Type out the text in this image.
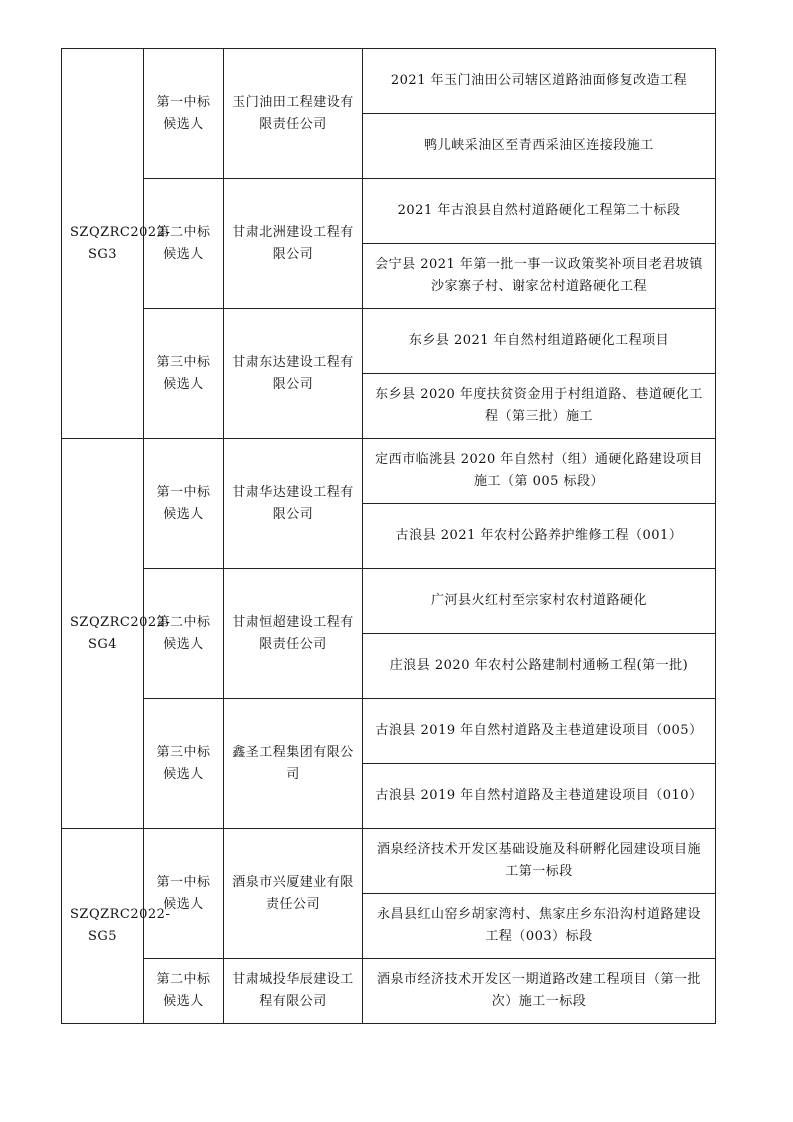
SZQZRC2022-SG3	第一中标候选人	玉门油田工程建设有限责任公司	2021 年玉门油田公司辖区道路油面修复改造工程
			鸭儿峡采油区至青西采油区连接段施工
	第二中标候选人	甘肃北洲建设工程有限公司	2021 年古浪县自然村道路硬化工程第二十标段
			会宁县 2021 年第一批一事一议政策奖补项目老君坡镇沙家寨子村、谢家岔村道路硬化工程
	第三中标候选人	甘肃东达建设工程有限公司	东乡县 2021 年自然村组道路硬化工程项目
			东乡县 2020 年度扶贫资金用于村组道路、巷道硬化工程（第三批）施工
SZQZRC2022-SG4	第一中标候选人	甘肃华达建设工程有限公司	定西市临洮县 2020 年自然村（组）通硬化路建设项目施工（第 005 标段）
			古浪县 2021 年农村公路养护维修工程（001）
	第二中标候选人	甘肃恒超建设工程有限责任公司	广河县火红村至宗家村农村道路硬化
			庄浪县 2020 年农村公路建制村通畅工程(第一批)
	第三中标候选人	鑫圣工程集团有限公司	古浪县 2019 年自然村道路及主巷道建设项目（005）
			古浪县 2019 年自然村道路及主巷道建设项目（010）
SZQZRC2022-SG5	第一中标候选人	酒泉市兴厦建业有限责任公司	酒泉经济技术开发区基础设施及科研孵化园建设项目施工第一标段
			永昌县红山窑乡胡家湾村、焦家庄乡东沿沟村道路建设工程（003）标段
	第二中标候选人	甘肃城投华辰建设工程有限公司	酒泉市经济技术开发区一期道路改建工程项目（第一批次）施工一标段
